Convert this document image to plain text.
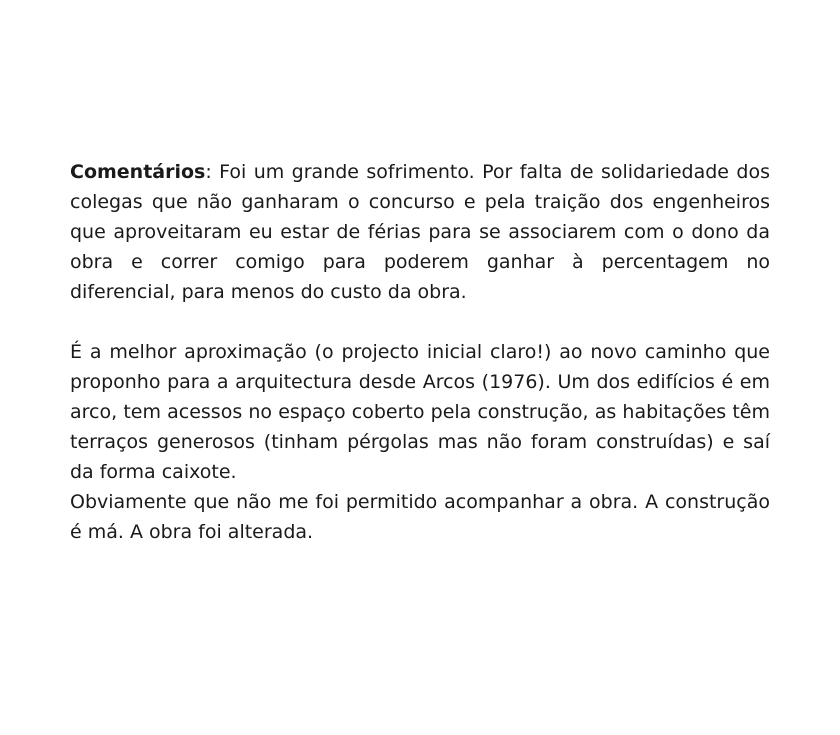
Comentários: Foi um grande sofrimento. Por falta de solidariedade dos colegas que não ganharam o concurso e pela traição dos engenheiros que aproveitaram eu estar de férias para se associarem com o dono da obra e correr comigo para poderem ganhar à percentagem no diferencial, para menos do custo da obra.

É a melhor aproximação (o projecto inicial claro!) ao novo caminho que proponho para a arquitectura desde Arcos (1976). Um dos edifícios é em arco, tem acessos no espaço coberto pela construção, as habitações têm terraços generosos (tinham pérgolas mas não foram construídas) e saí da forma caixote.

Obviamente que não me foi permitido acompanhar a obra. A construção é má. A obra foi alterada.
